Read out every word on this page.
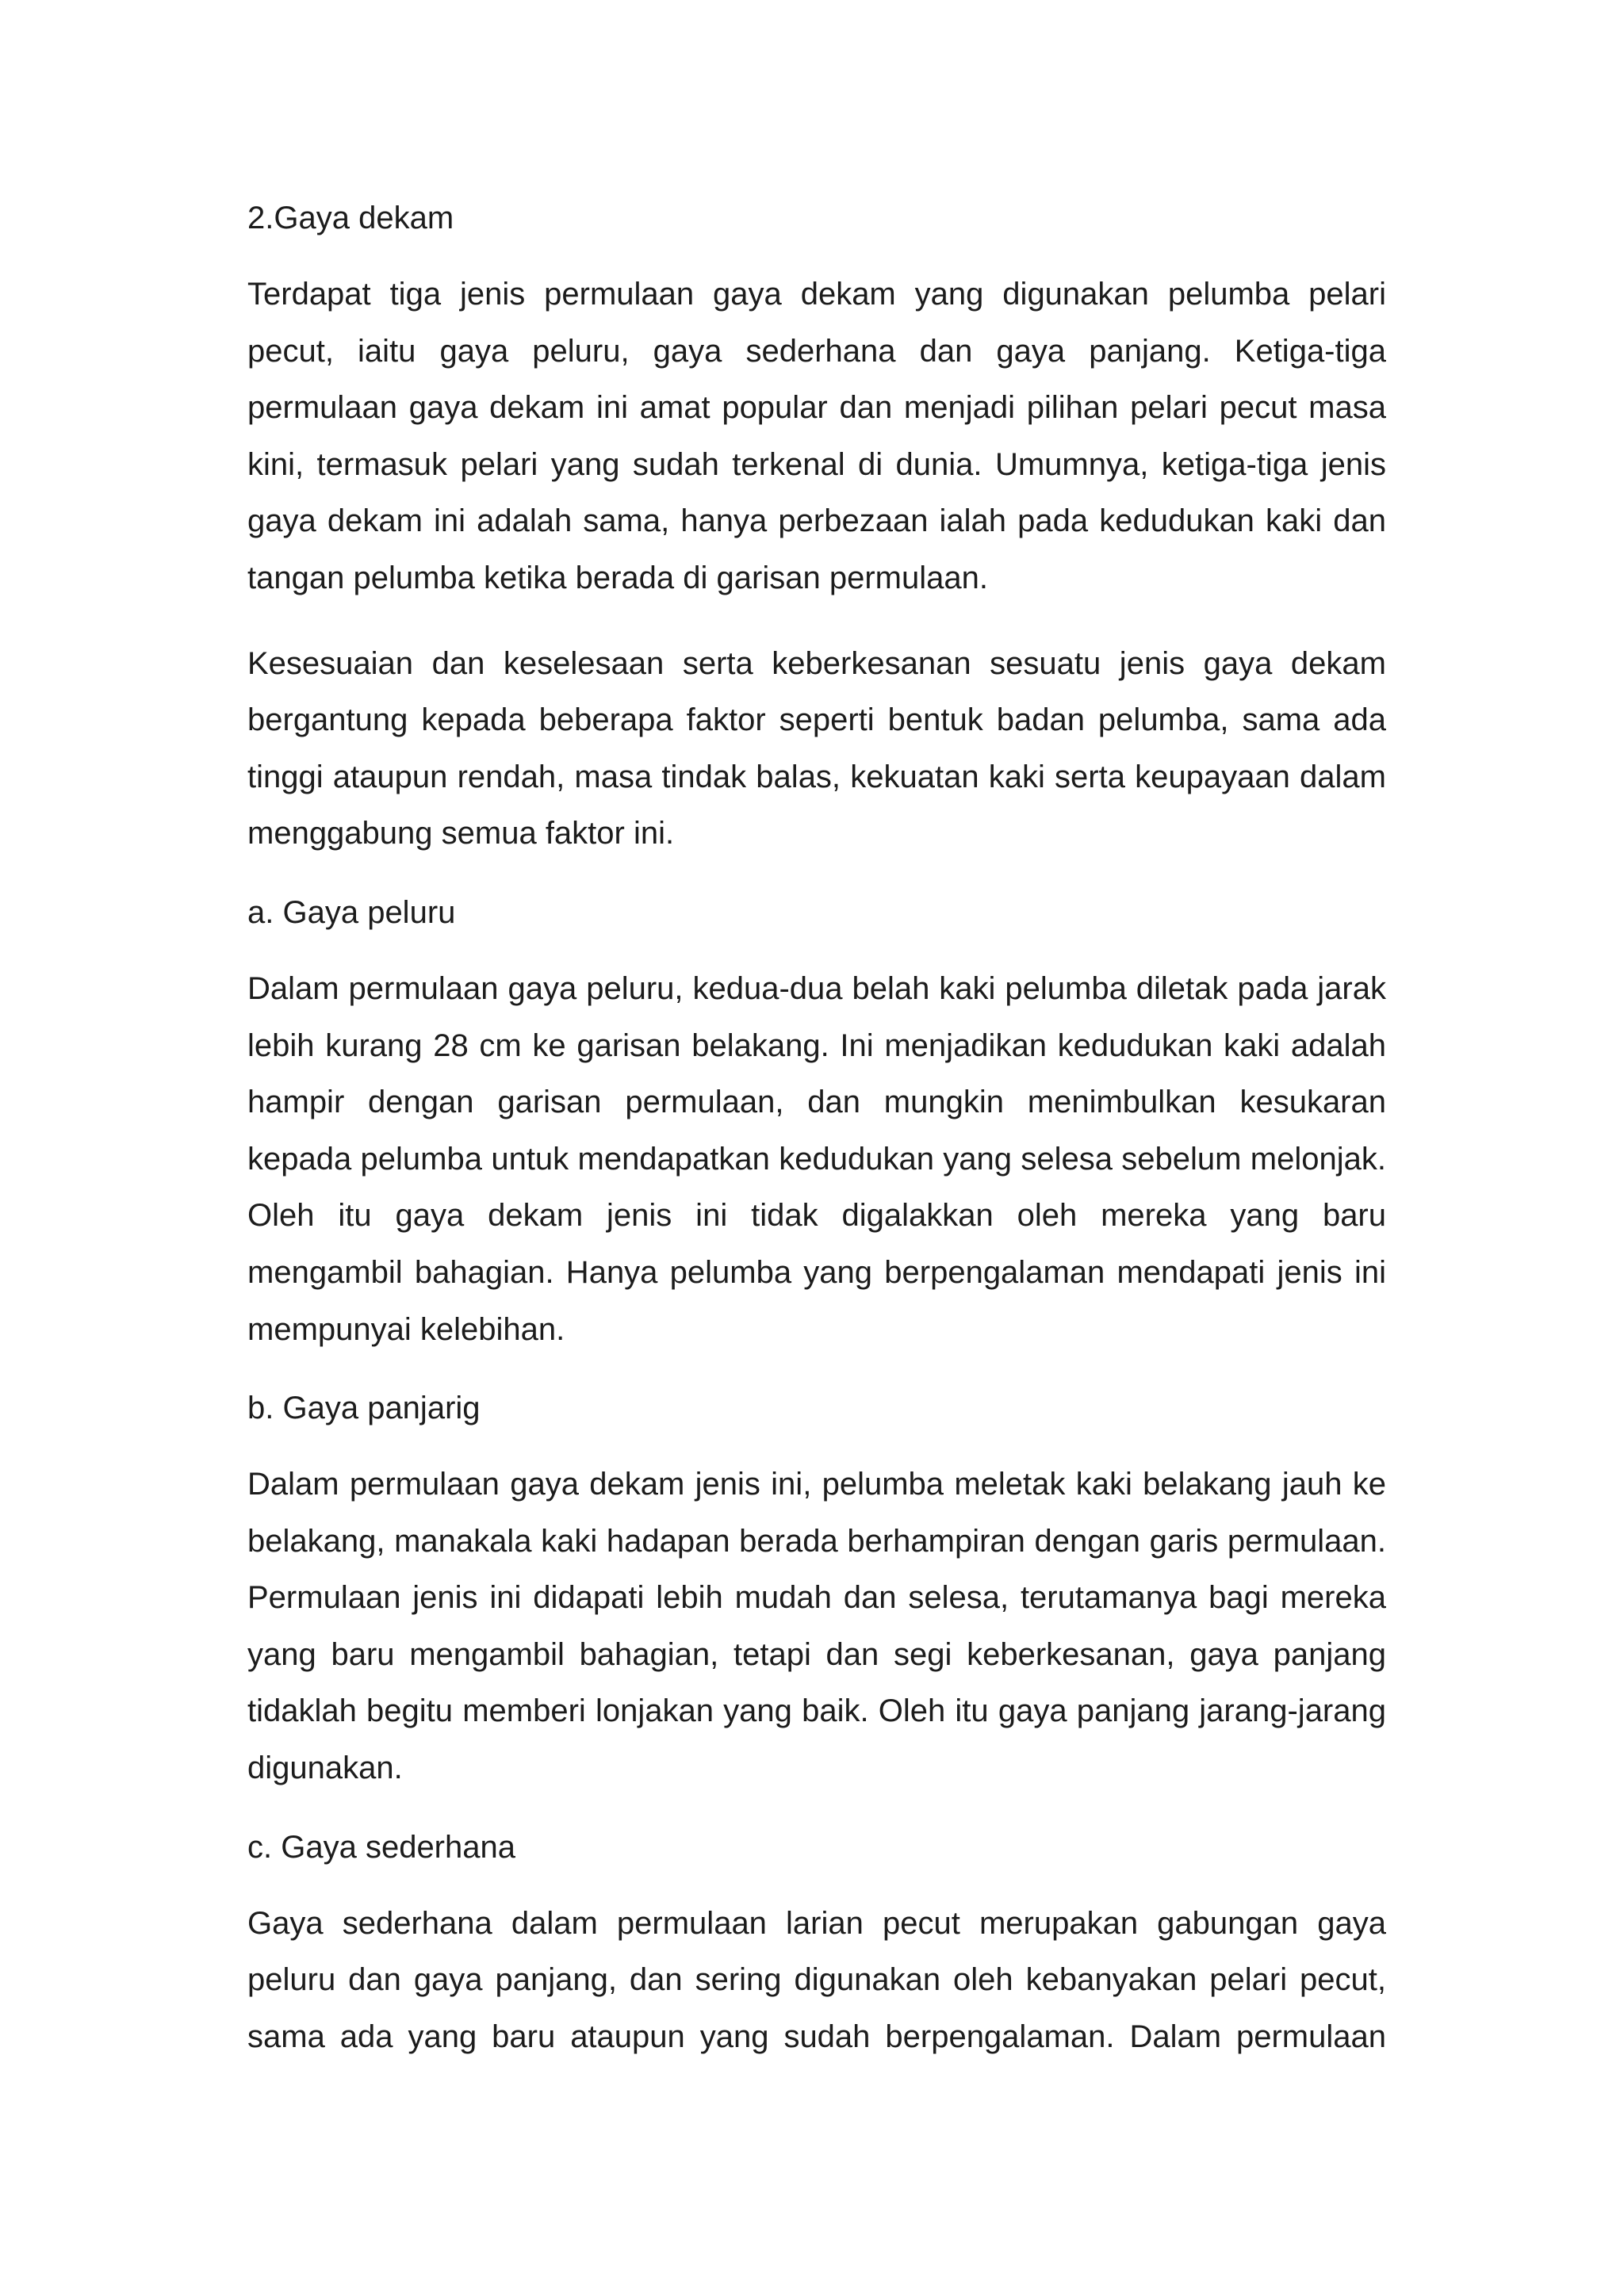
2.Gaya dekam

Terdapat tiga jenis permulaan gaya dekam yang digunakan pelumba pelari pecut, iaitu gaya peluru, gaya sederhana dan gaya panjang. Ketiga-tiga permulaan gaya dekam ini amat popular dan menjadi pilihan pelari pecut masa kini, termasuk pelari yang sudah terkenal di dunia. Umumnya, ketiga-tiga jenis gaya dekam ini adalah sama, hanya perbezaan ialah pada kedudukan kaki dan tangan pelumba ketika berada di garisan permulaan.

Kesesuaian dan keselesaan serta keberkesanan sesuatu jenis gaya dekam bergantung kepada beberapa faktor seperti bentuk badan pelumba, sama ada tinggi ataupun rendah, masa tindak balas, kekuatan kaki serta keupayaan dalam menggabung semua faktor ini.

a. Gaya peluru

Dalam permulaan gaya peluru, kedua-dua belah kaki pelumba diletak pada jarak lebih kurang 28 cm ke garisan belakang. Ini menjadikan kedudukan kaki adalah hampir dengan garisan permulaan, dan mungkin menimbulkan kesukaran kepada pelumba untuk mendapatkan kedudukan yang selesa sebelum melonjak. Oleh itu gaya dekam jenis ini tidak digalakkan oleh mereka yang baru mengambil bahagian. Hanya pelumba yang berpengalaman mendapati jenis ini mempunyai kelebihan.

b. Gaya panjarig

Dalam permulaan gaya dekam jenis ini, pelumba meletak kaki belakang jauh ke belakang, manakala kaki hadapan berada berhampiran dengan garis permulaan. Permulaan jenis ini didapati lebih mudah dan selesa, terutamanya bagi mereka yang baru mengambil bahagian, tetapi dan segi keberkesanan, gaya panjang tidaklah begitu memberi lonjakan yang baik. Oleh itu gaya panjang jarang-jarang digunakan.

c. Gaya sederhana

Gaya sederhana dalam permulaan larian pecut merupakan gabungan gaya peluru dan gaya panjang, dan sering digunakan oleh kebanyakan pelari pecut, sama ada yang baru ataupun yang sudah berpengalaman. Dalam permulaan
